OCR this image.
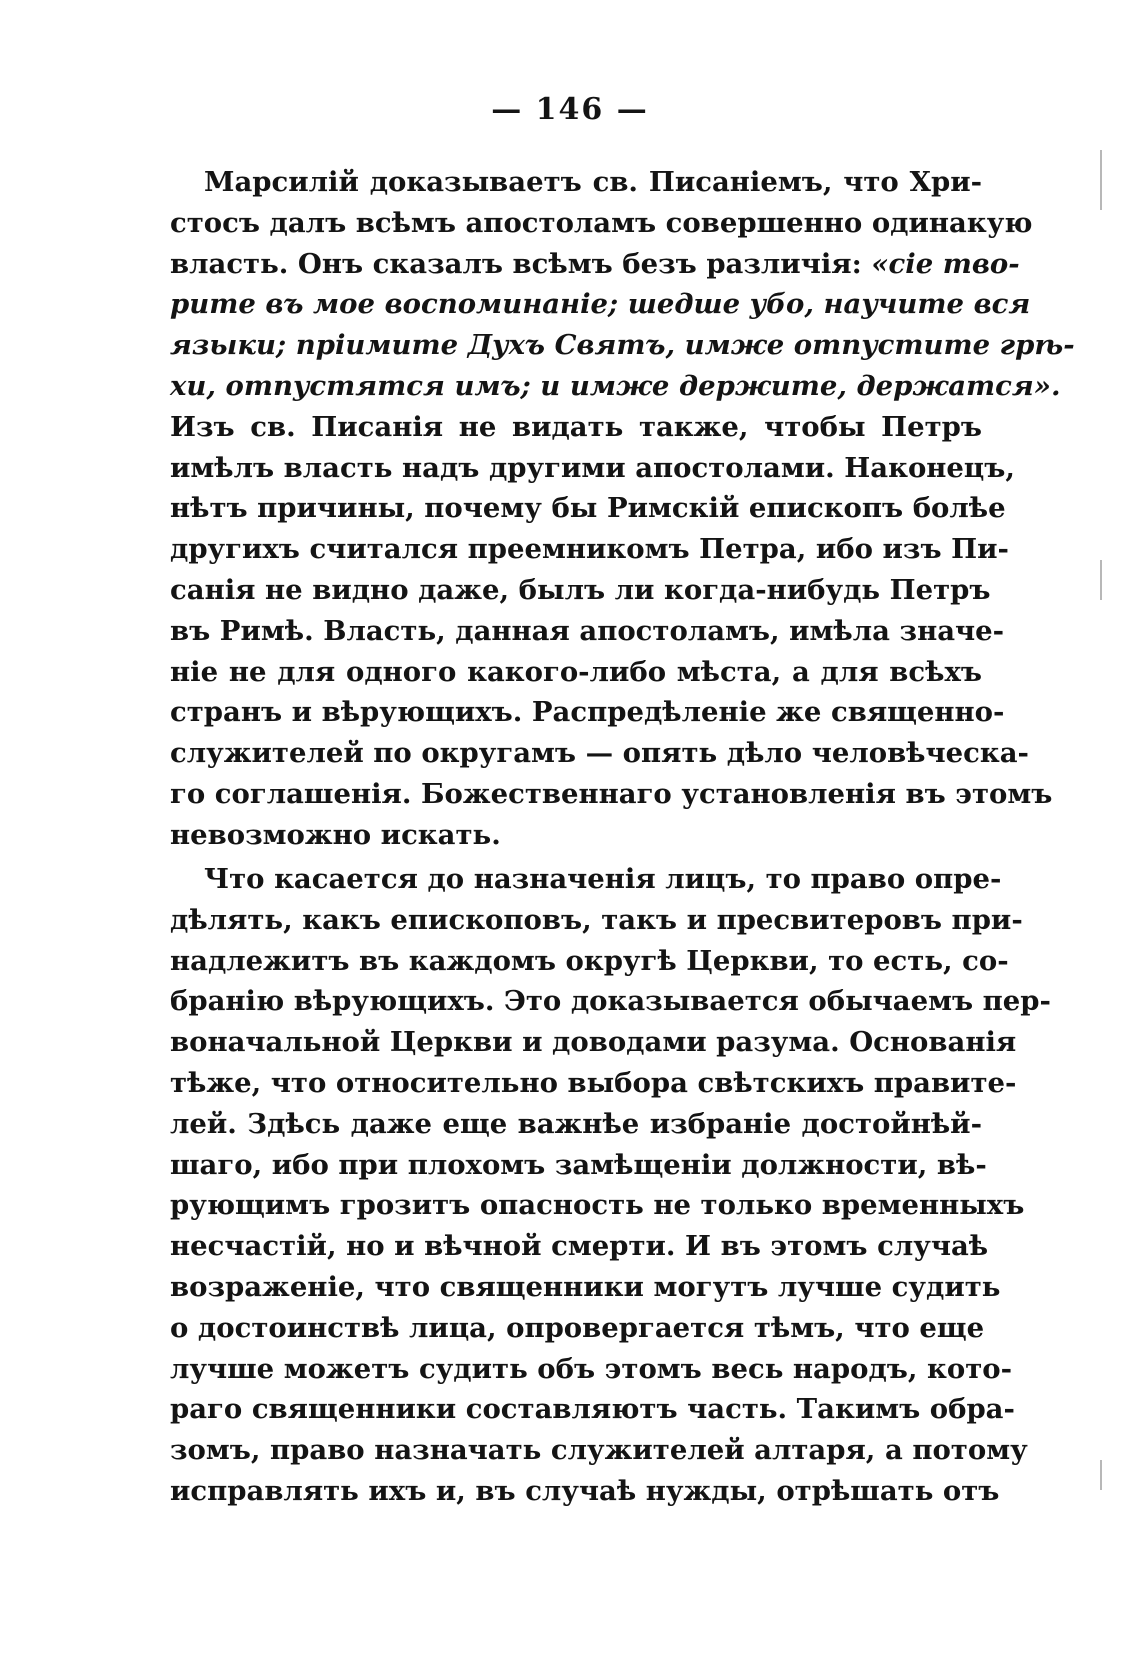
— 146 —
Марсилій доказываетъ св. Писаніемъ, что Хри-
стосъ далъ всѣмъ апостоламъ совершенно одинакую
власть. Онъ сказалъ всѣмъ безъ различія: «сіе тво-
рите въ мое воспоминаніе; шедше убо, научите вся
языки; пріимите Духъ Святъ, имже отпустите грѣ-
хи, отпустятся имъ; и имже держите, держатся».
Изъ св. Писанія не видать также, чтобы Петръ
имѣлъ власть надъ другими апостолами. Наконецъ,
нѣтъ причины, почему бы Римскій епископъ болѣе
другихъ считался преемникомъ Петра, ибо изъ Пи-
санія не видно даже, былъ ли когда-нибудь Петръ
въ Римѣ. Власть, данная апостоламъ, имѣла значе-
ніе не для одного какого-либо мѣста, а для всѣхъ
странъ и вѣрующихъ. Распредѣленіе же священно-
служителей по округамъ — опять дѣло человѣческа-
го соглашенія. Божественнаго установленія въ этомъ
невозможно искать.
Что касается до назначенія лицъ, то право опре-
дѣлять, какъ епископовъ, такъ и пресвитеровъ при-
надлежитъ въ каждомъ округѣ Церкви, то есть, со-
бранію вѣрующихъ. Это доказывается обычаемъ пер-
воначальной Церкви и доводами разума. Основанія
тѣже, что относительно выбора свѣтскихъ правите-
лей. Здѣсь даже еще важнѣе избраніе достойнѣй-
шаго, ибо при плохомъ замѣщеніи должности, вѣ-
рующимъ грозитъ опасность не только временныхъ
несчастій, но и вѣчной смерти. И въ этомъ случаѣ
возраженіе, что священники могутъ лучше судить
о достоинствѣ лица, опровергается тѣмъ, что еще
лучше можетъ судить объ этомъ весь народъ, кото-
раго священники составляютъ часть. Такимъ обра-
зомъ, право назначать служителей алтаря, а потому
исправлять ихъ и, въ случаѣ нужды, отрѣшать отъ
